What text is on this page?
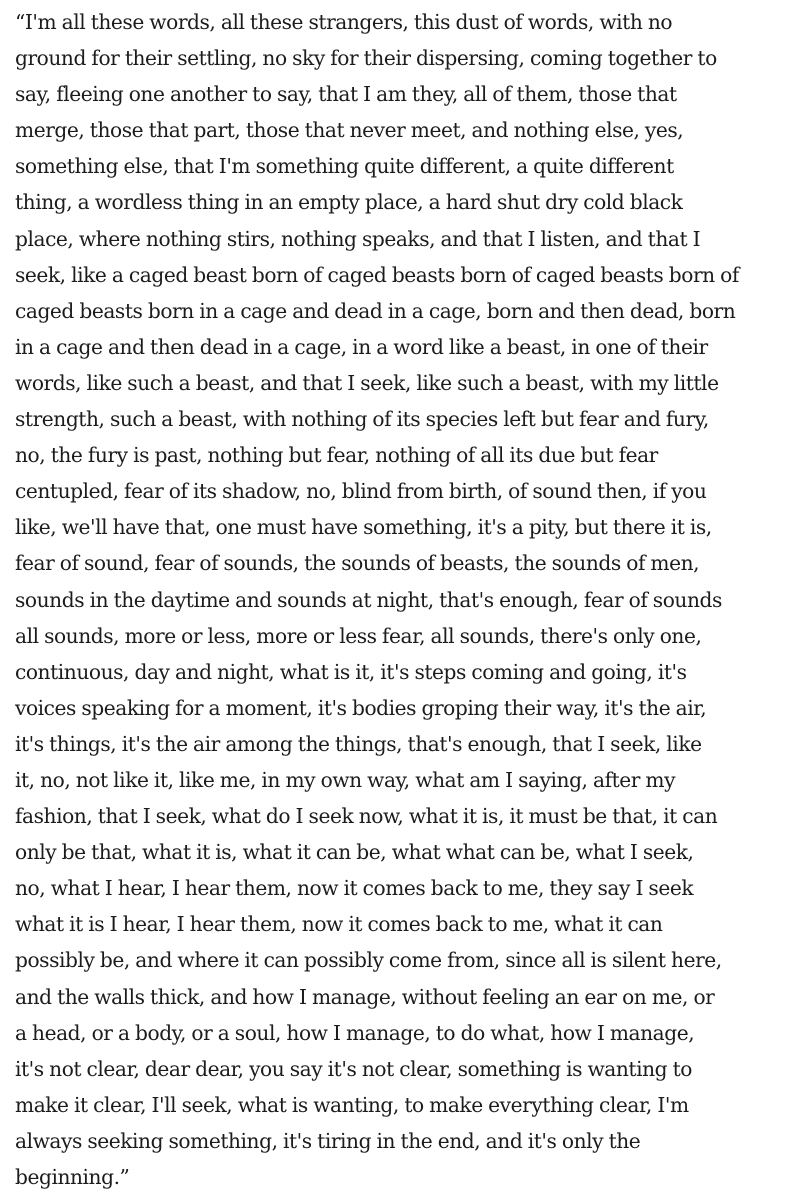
“I'm all these words, all these strangers, this dust of words, with no
ground for their settling, no sky for their dispersing, coming together to
say, fleeing one another to say, that I am they, all of them, those that
merge, those that part, those that never meet, and nothing else, yes,
something else, that I'm something quite different, a quite different
thing, a wordless thing in an empty place, a hard shut dry cold black
place, where nothing stirs, nothing speaks, and that I listen, and that I
seek, like a caged beast born of caged beasts born of caged beasts born of
caged beasts born in a cage and dead in a cage, born and then dead, born
in a cage and then dead in a cage, in a word like a beast, in one of their
words, like such a beast, and that I seek, like such a beast, with my little
strength, such a beast, with nothing of its species left but fear and fury,
no, the fury is past, nothing but fear, nothing of all its due but fear
centupled, fear of its shadow, no, blind from birth, of sound then, if you
like, we'll have that, one must have something, it's a pity, but there it is,
fear of sound, fear of sounds, the sounds of beasts, the sounds of men,
sounds in the daytime and sounds at night, that's enough, fear of sounds
all sounds, more or less, more or less fear, all sounds, there's only one,
continuous, day and night, what is it, it's steps coming and going, it's
voices speaking for a moment, it's bodies groping their way, it's the air,
it's things, it's the air among the things, that's enough, that I seek, like
it, no, not like it, like me, in my own way, what am I saying, after my
fashion, that I seek, what do I seek now, what it is, it must be that, it can
only be that, what it is, what it can be, what what can be, what I seek,
no, what I hear, I hear them, now it comes back to me, they say I seek
what it is I hear, I hear them, now it comes back to me, what it can
possibly be, and where it can possibly come from, since all is silent here,
and the walls thick, and how I manage, without feeling an ear on me, or
a head, or a body, or a soul, how I manage, to do what, how I manage,
it's not clear, dear dear, you say it's not clear, something is wanting to
make it clear, I'll seek, what is wanting, to make everything clear, I'm
always seeking something, it's tiring in the end, and it's only the
beginning.”
